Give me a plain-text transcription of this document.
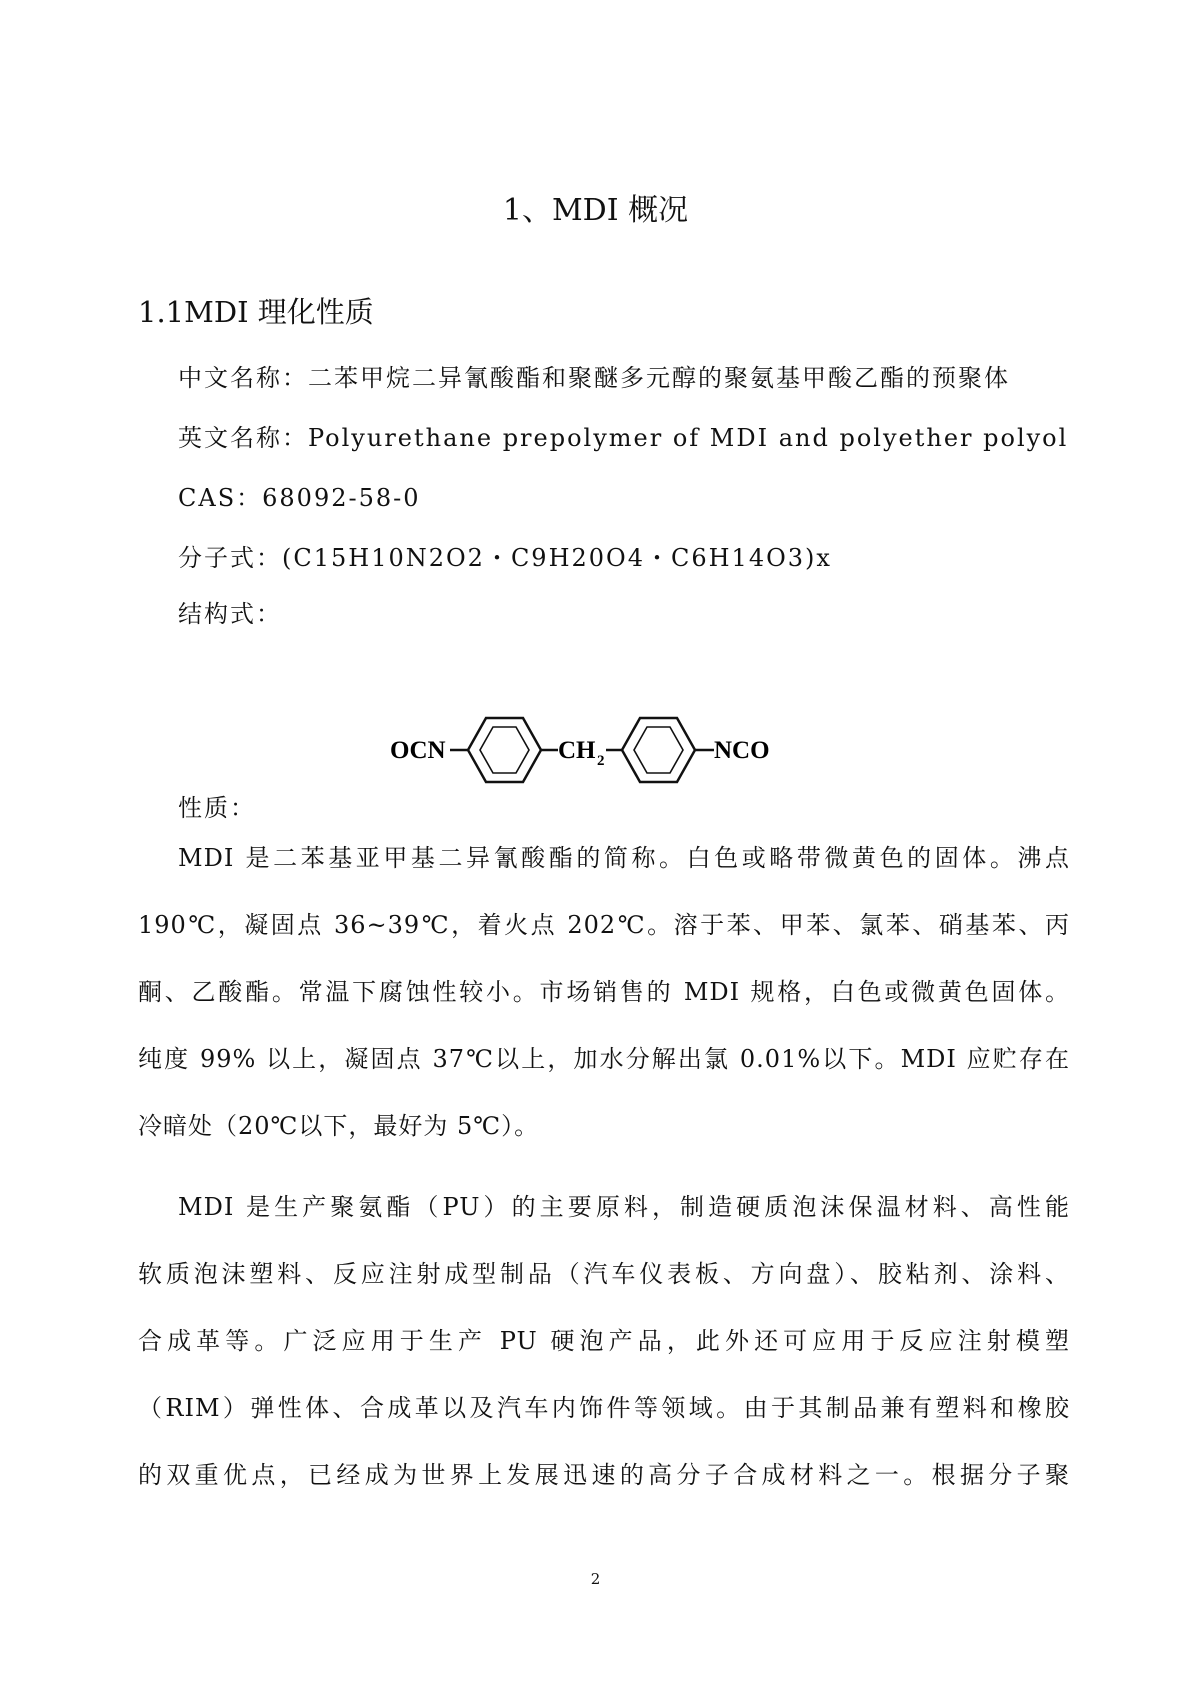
1、MDI 概况
1.1MDI 理化性质
中文名称：二苯甲烷二异氰酸酯和聚醚多元醇的聚氨基甲酸乙酯的预聚体
英文名称：Polyurethane prepolymer of MDI and polyether polyol
CAS：68092-58-0
分子式：(C15H10N2O2・C9H20O4・C6H14O3)x
结构式：
OCN	CH 2	NCO
性质：
MDI 是二苯基亚甲基二异氰酸酯的简称。白色或略带微黄色的固体。沸点
190℃，凝固点 36~39℃，着火点 202℃。溶于苯、甲苯、氯苯、硝基苯、丙
酮、乙酸酯。常温下腐蚀性较小。市场销售的 MDI 规格，白色或微黄色固体。
纯度 99% 以上，凝固点 37℃以上，加水分解出氯 0.01%以下。MDI 应贮存在
冷暗处（20℃以下，最好为 5℃）。
MDI 是生产聚氨酯（PU）的主要原料，制造硬质泡沫保温材料、高性能
软质泡沫塑料、反应注射成型制品（汽车仪表板、方向盘）、胶粘剂、涂料、
合成革等。广泛应用于生产 PU 硬泡产品，此外还可应用于反应注射模塑
（RIM）弹性体、合成革以及汽车内饰件等领域。由于其制品兼有塑料和橡胶
的双重优点，已经成为世界上发展迅速的高分子合成材料之一。根据分子聚
2
